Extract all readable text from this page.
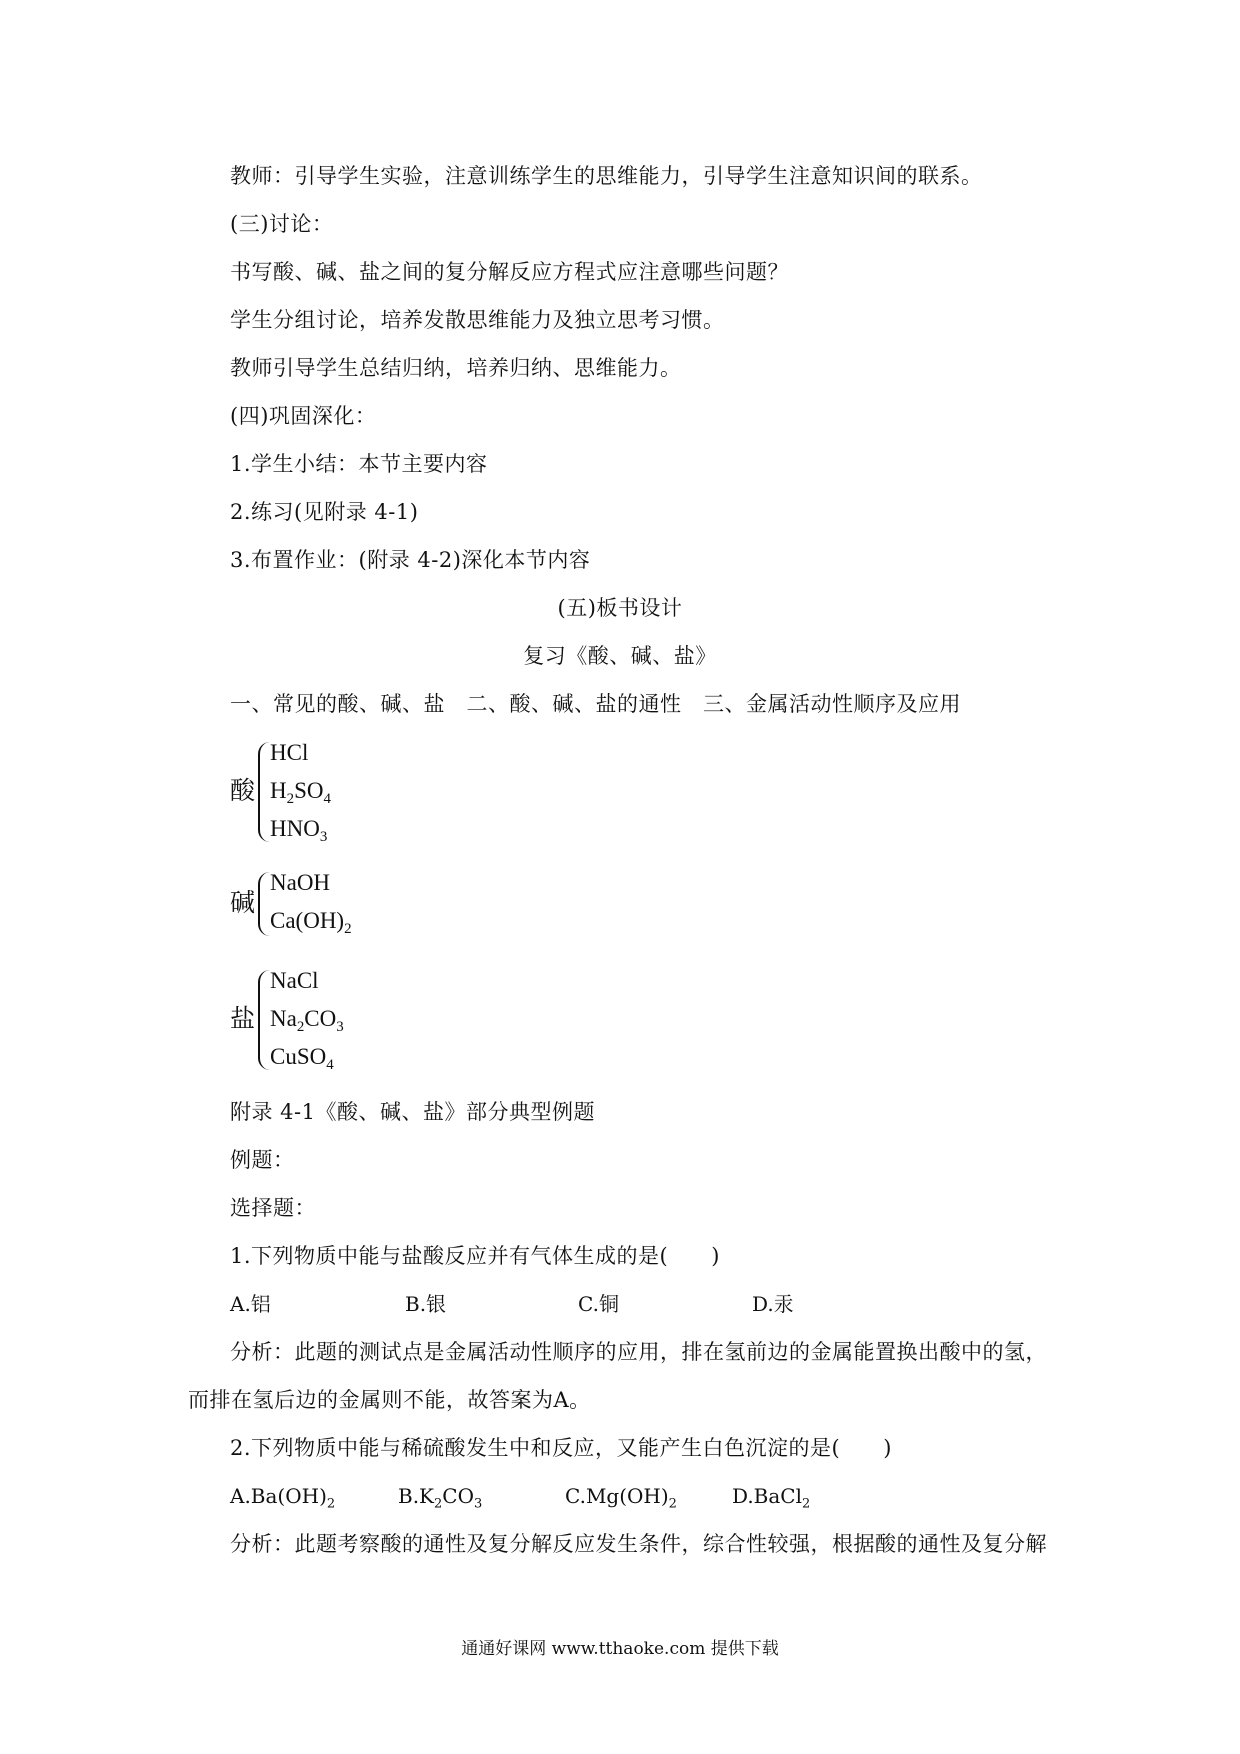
教师：引导学生实验，注意训练学生的思维能力，引导学生注意知识间的联系。
(三)讨论：
书写酸、碱、盐之间的复分解反应方程式应注意哪些问题？
学生分组讨论，培养发散思维能力及独立思考习惯。
教师引导学生总结归纳，培养归纳、思维能力。
(四)巩固深化：
1.学生小结：本节主要内容
2.练习(见附录 4-1)
3.布置作业：(附录 4-2)深化本节内容
(五)板书设计
复习《酸、碱、盐》
一、常见的酸、碱、盐　二、酸、碱、盐的通性　三、金属活动性顺序及应用
酸
HCl
$H_2SO_4$
$HNO_3$
碱
NaOH
$Ca(OH)_2$
盐
NaCl
$Na_2CO_3$
CuSO$_4$
附录 4-1《酸、碱、盐》部分典型例题
例题：
选择题：
1.下列物质中能与盐酸反应并有气体生成的是(　　)
A.铝	B.银	C.铜	D.汞
分析：此题的测试点是金属活动性顺序的应用，排在氢前边的金属能置换出酸中的氢，
而排在氢后边的金属则不能，故答案为A。
2.下列物质中能与稀硫酸发生中和反应，又能产生白色沉淀的是(　　)
$A.Ba(OH)_2$	$B.K_2CO_3$	$C.Mg(OH)_2$	D.BaCl$_2$
分析：此题考察酸的通性及复分解反应发生条件，综合性较强，根据酸的通性及复分解
通通好课网 www.tthaoke.com 提供下载
